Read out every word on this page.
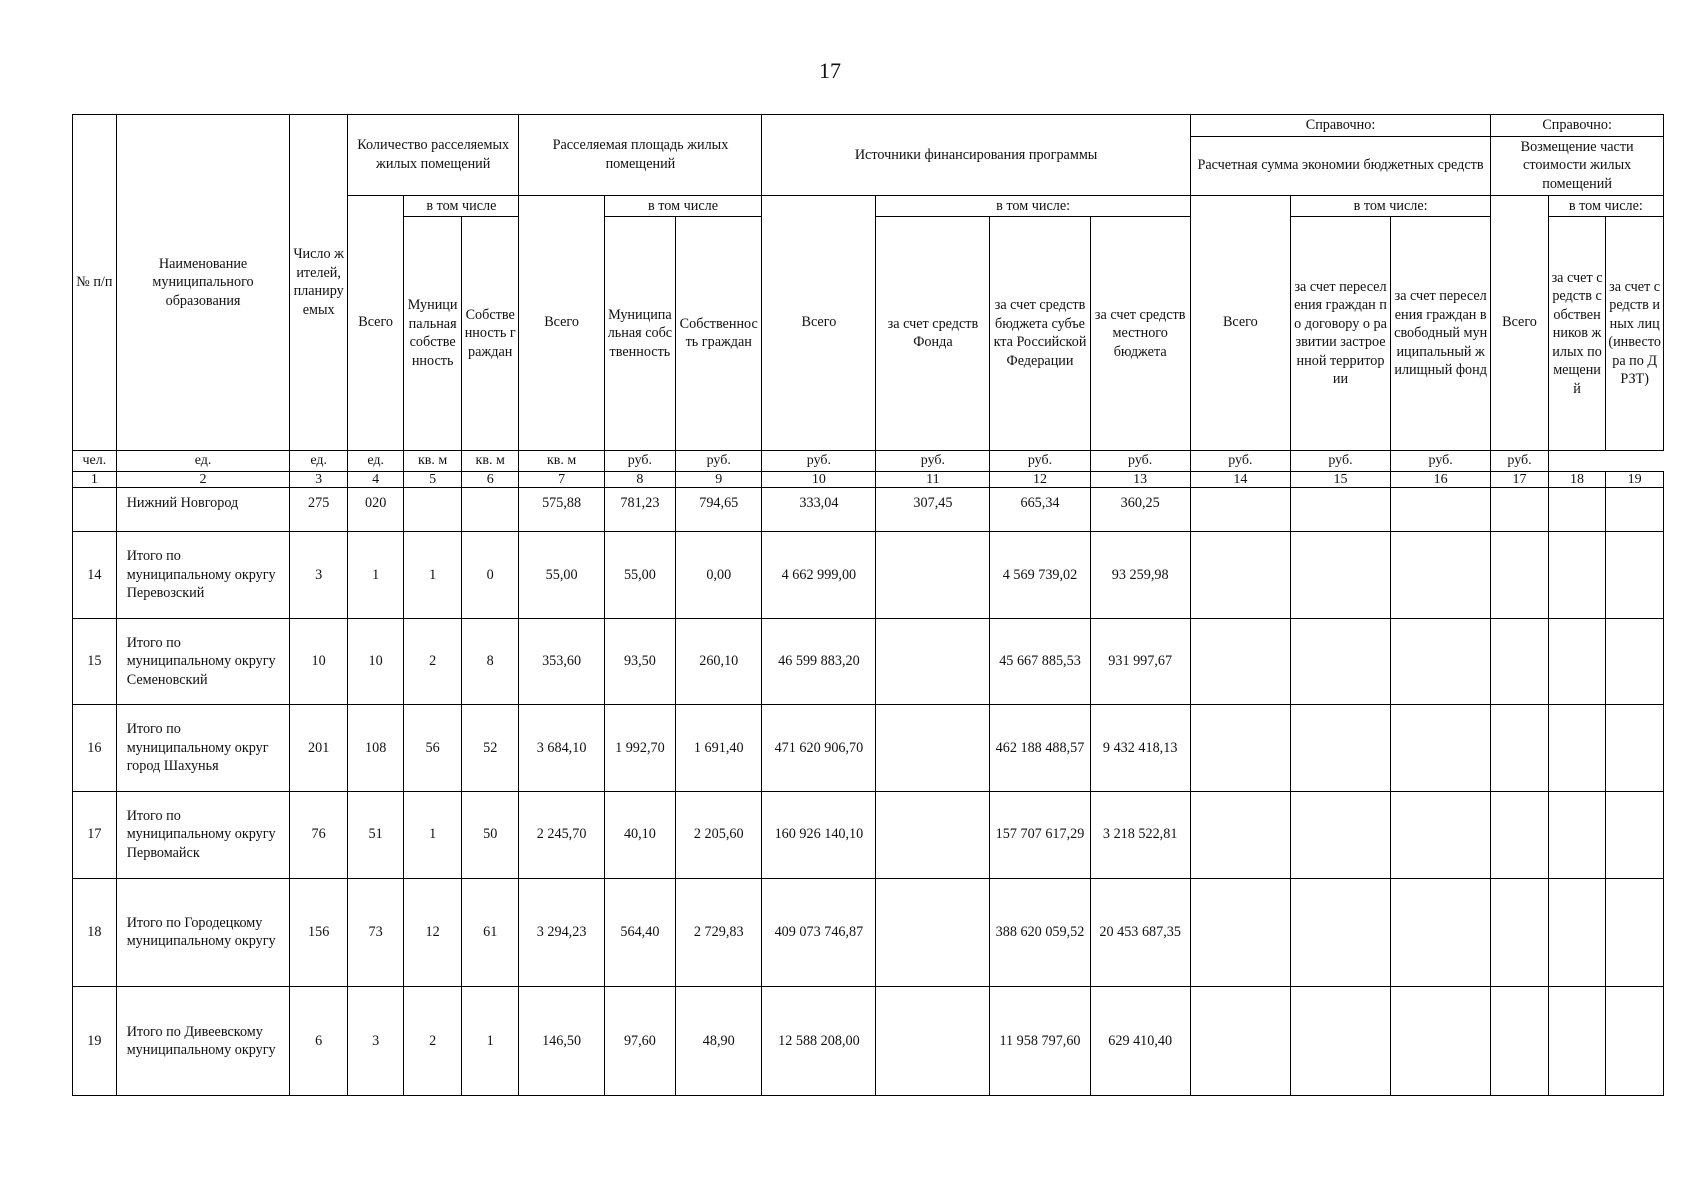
17
№ п/п	Наименование муниципального образования	Число жителей, планируемых	Количество расселяемых жилых помещений			Расселяемая площадь жилых помещений			Источники финансирования программы				Справочно:			Справочно:		
													Расчетная сумма экономии бюджетных средств			Возмещение части стоимости жилых помещений		
			Всего	в том числе		Всего	в том числе		Всего	в том числе:			Всего	в том числе:		Всего	в том числе:	
				Муниципальная собственность	Собственность граждан		Муниципальная собственность	Собственность граждан		за счет средств Фонда	за счет средств бюджета субъекта Российской Федерации	за счет средств местного бюджета		за счет переселения граждан по договору о развитии застроенной территории	за счет переселения граждан в свободный муниципальный жилищный фонд		за счет средств собственников жилых помещений	за счет средств иных лиц (инвестора по ДРЗТ)
чел.	ед.	ед.	ед.	кв. м	кв. м	кв. м	руб.	руб.	руб.	руб.	руб.	руб.	руб.	руб.	руб.	руб.		
1	2	3	4	5	6	7	8	9	10	11	12	13	14	15	16	17	18	19
	Нижний Новгород	275	020			575,88	781,23	794,65	333,04	307,45	665,34	360,25						
14	Итого по муниципальному округу Перевозский	3	1	1	0	55,00	55,00	0,00	4 662 999,00		4 569 739,02	93 259,98						
15	Итого по муниципальному округу Семеновский	10	10	2	8	353,60	93,50	260,10	46 599 883,20		45 667 885,53	931 997,67						
16	Итого по муниципальному округ город Шахунья	201	108	56	52	3 684,10	1 992,70	1 691,40	471 620 906,70		462 188 488,57	9 432 418,13						
17	Итого по муниципальному округу Первомайск	76	51	1	50	2 245,70	40,10	2 205,60	160 926 140,10		157 707 617,29	3 218 522,81						
18	Итого по Городецкому муниципальному округу	156	73	12	61	3 294,23	564,40	2 729,83	409 073 746,87		388 620 059,52	20 453 687,35						
19	Итого по Дивеевскому муниципальному округу	6	3	2	1	146,50	97,60	48,90	12 588 208,00		11 958 797,60	629 410,40						
